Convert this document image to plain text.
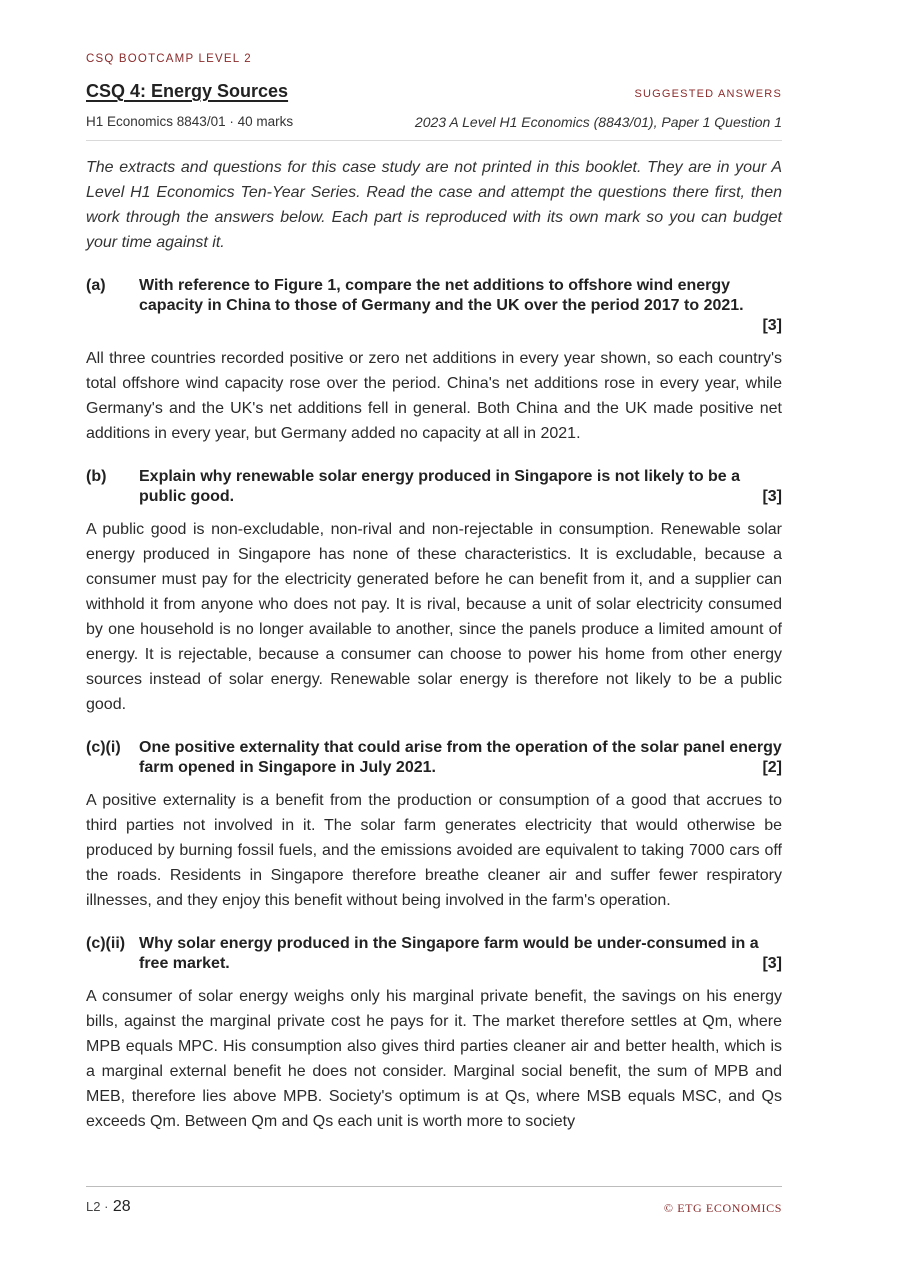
CSQ BOOTCAMP LEVEL 2
CSQ 4: Energy Sources	SUGGESTED ANSWERS
H1 Economics 8843/01 · 40 marks	2023 A Level H1 Economics (8843/01), Paper 1 Question 1

The extracts and questions for this case study are not printed in this booklet. They are in your A Level H1 Economics Ten-Year Series. Read the case and attempt the questions there first, then work through the answers below. Each part is reproduced with its own mark so you can budget your time against it.

(a)	With reference to Figure 1, compare the net additions to offshore wind energy capacity in China to those of Germany and the UK over the period 2017 to 2021.

[3]

All three countries recorded positive or zero net additions in every year shown, so each country's total offshore wind capacity rose over the period. China's net additions rose in every year, while Germany's and the UK's net additions fell in general. Both China and the UK made positive net additions in every year, but Germany added no capacity at all in 2021.

(b)	Explain why renewable solar energy produced in Singapore is not likely to be a public good.	[3]

A public good is non-excludable, non-rival and non-rejectable in consumption. Renewable solar energy produced in Singapore has none of these characteristics. It is excludable, because a consumer must pay for the electricity generated before he can benefit from it, and a supplier can withhold it from anyone who does not pay. It is rival, because a unit of solar electricity consumed by one household is no longer available to another, since the panels produce a limited amount of energy. It is rejectable, because a consumer can choose to power his home from other energy sources instead of solar energy. Renewable solar energy is therefore not likely to be a public good.

(c)(i)	One positive externality that could arise from the operation of the solar panel energy farm opened in Singapore in July 2021.	[2]

A positive externality is a benefit from the production or consumption of a good that accrues to third parties not involved in it. The solar farm generates electricity that would otherwise be produced by burning fossil fuels, and the emissions avoided are equivalent to taking 7000 cars off the roads. Residents in Singapore therefore breathe cleaner air and suffer fewer respiratory illnesses, and they enjoy this benefit without being involved in the farm's operation.

(c)(ii) Why solar energy produced in the Singapore farm would be under-consumed in a free market.	[3]

A consumer of solar energy weighs only his marginal private benefit, the savings on his energy bills, against the marginal private cost he pays for it. The market therefore settles at Qm, where MPB equals MPC. His consumption also gives third parties cleaner air and better health, which is a marginal external benefit he does not consider. Marginal social benefit, the sum of MPB and MEB, therefore lies above MPB. Society's optimum is at Qs, where MSB equals MSC, and Qs exceeds Qm. Between Qm and Qs each unit is worth more to society

L2 · 28	© ETG ECONOMICS
